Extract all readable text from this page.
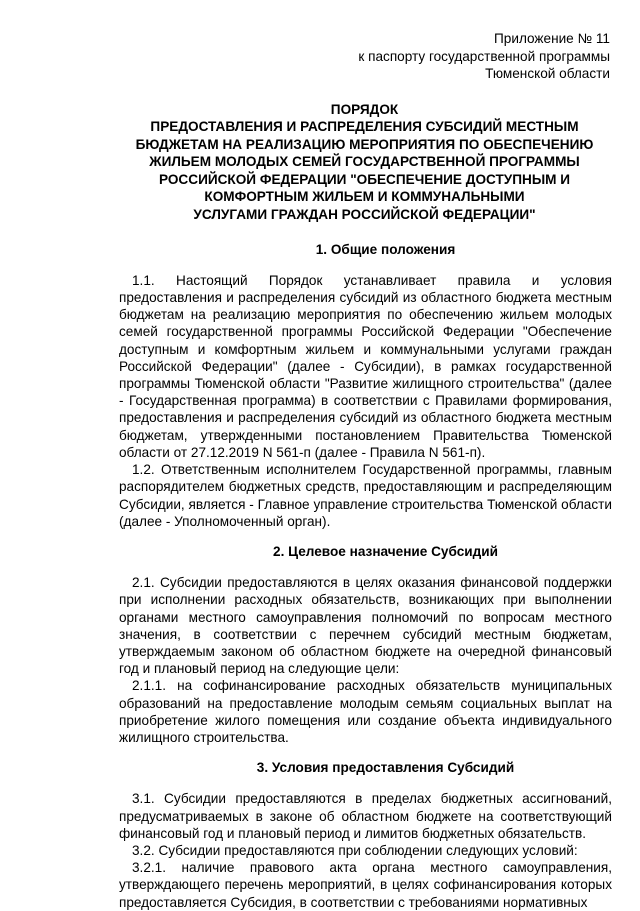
Приложение № 11
к паспорту государственной программы
Тюменской области
ПОРЯДОК
ПРЕДОСТАВЛЕНИЯ И РАСПРЕДЕЛЕНИЯ СУБСИДИЙ МЕСТНЫМ
БЮДЖЕТАМ НА РЕАЛИЗАЦИЮ МЕРОПРИЯТИЯ ПО ОБЕСПЕЧЕНИЮ
ЖИЛЬЕМ МОЛОДЫХ СЕМЕЙ ГОСУДАРСТВЕННОЙ ПРОГРАММЫ
РОССИЙСКОЙ ФЕДЕРАЦИИ "ОБЕСПЕЧЕНИЕ ДОСТУПНЫМ И
КОМФОРТНЫМ ЖИЛЬЕМ И КОММУНАЛЬНЫМИ
УСЛУГАМИ ГРАЖДАН РОССИЙСКОЙ ФЕДЕРАЦИИ"
1. Общие положения

1.1. Настоящий Порядок устанавливает правила и условия предоставления и распределения субсидий из областного бюджета местным бюджетам на реализацию мероприятия по обеспечению жильем молодых семей государственной программы Российской Федерации "Обеспечение доступным и комфортным жильем и коммунальными услугами граждан Российской Федерации" (далее - Субсидии), в рамках государственной программы Тюменской области "Развитие жилищного строительства" (далее - Государственная программа) в соответствии с Правилами формирования, предоставления и распределения субсидий из областного бюджета местным бюджетам, утвержденными постановлением Правительства Тюменской области от 27.12.2019 N 561-п (далее - Правила N 561-п).

1.2. Ответственным исполнителем Государственной программы, главным распорядителем бюджетных средств, предоставляющим и распределяющим Субсидии, является - Главное управление строительства Тюменской области (далее - Уполномоченный орган).

2. Целевое назначение Субсидий

2.1. Субсидии предоставляются в целях оказания финансовой поддержки при исполнении расходных обязательств, возникающих при выполнении органами местного самоуправления полномочий по вопросам местного значения, в соответствии с перечнем субсидий местным бюджетам, утверждаемым законом об областном бюджете на очередной финансовый год и плановый период на следующие цели:

2.1.1. на софинансирование расходных обязательств муниципальных образований на предоставление молодым семьям социальных выплат на приобретение жилого помещения или создание объекта индивидуального жилищного строительства.

3. Условия предоставления Субсидий

3.1. Субсидии предоставляются в пределах бюджетных ассигнований, предусматриваемых в законе об областном бюджете на соответствующий финансовый год и плановый период и лимитов бюджетных обязательств.

3.2. Субсидии предоставляются при соблюдении следующих условий:

3.2.1. наличие правового акта органа местного самоуправления, утверждающего перечень мероприятий, в целях софинансирования которых предоставляется Субсидия, в соответствии с требованиями нормативных
